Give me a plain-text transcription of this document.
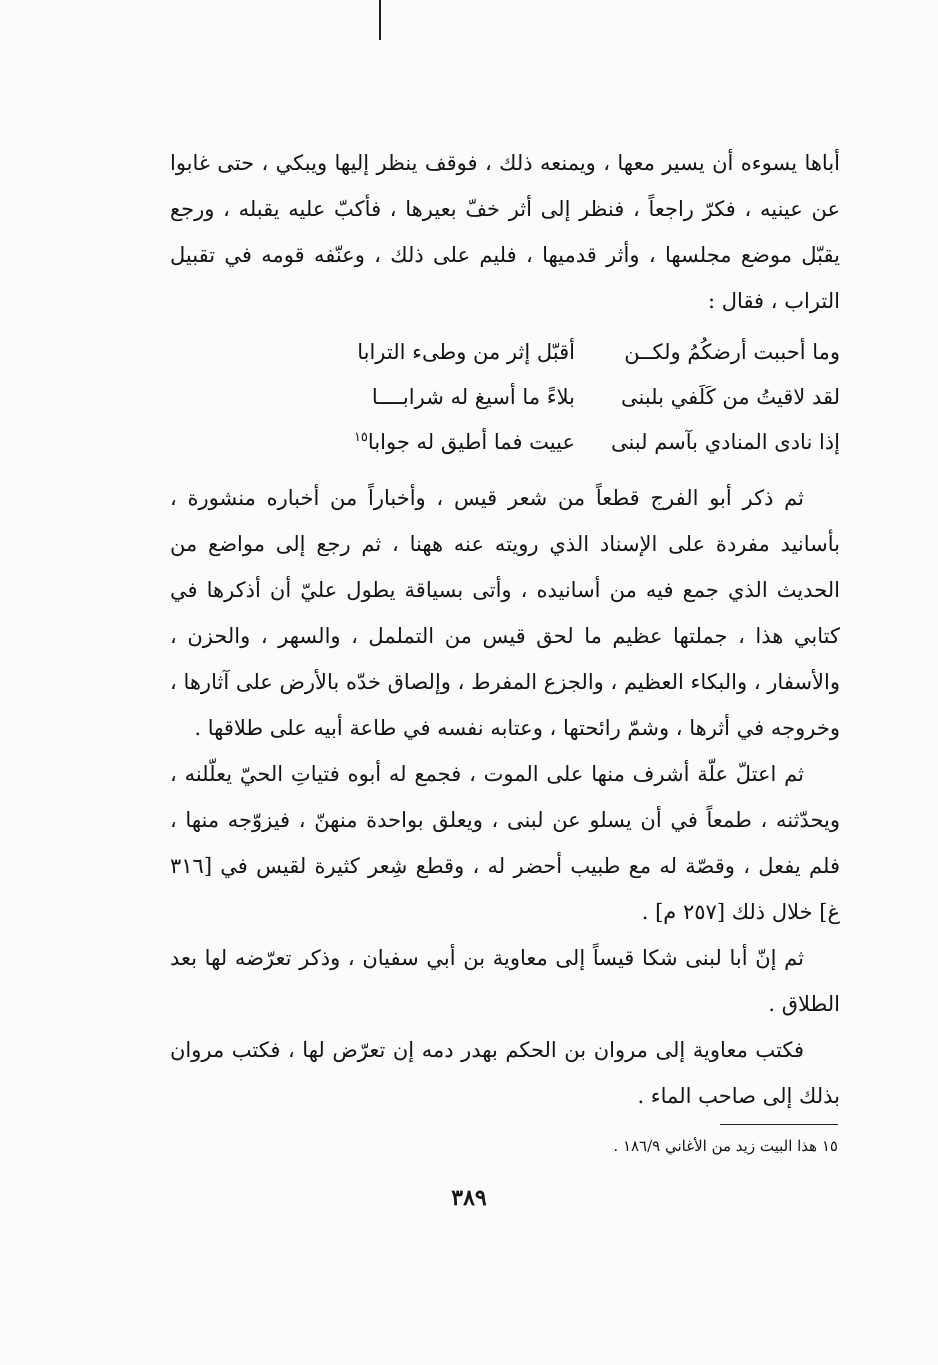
أباها يسوءه أن يسير معها ، ويمنعه ذلك ، فوقف ينظر إليها ويبكي ، حتى غابوا عن عينيه ، فكرّ راجعاً ، فنظر إلى أثر خفّ بعيرها ، فأكبّ عليه يقبله ، ورجع يقبّل موضع مجلسها ، وأثر قدميها ، فليم على ذلك ، وعنّفه قومه في تقبيل التراب ، فقال :

وما أحببت أرضكُمُ ولكــن
أقبّل إثر من وطىء الترابا
لقد لاقيتُ من كَلَفي بلبنى
بلاءً ما أسيغ له شرابــــا
إذا نادى المنادي بآسم لبنى
عييت فما أطيق له جوابا$^{١٥}$

ثم ذكر أبو الفرج قطعاً من شعر قيس ، وأخباراً من أخباره منشورة ، بأسانيد مفردة على الإسناد الذي رويته عنه ههنا ، ثم رجع إلى مواضع من الحديث الذي جمع فيه من أسانيده ، وأتى بسياقة يطول عليّ أن أذكرها في كتابي هذا ، جملتها عظيم ما لحق قيس من التململ ، والسهر ، والحزن ، والأسفار ، والبكاء العظيم ، والجزع المفرط ، وإلصاق خدّه بالأرض على آثارها ، وخروجه في أثرها ، وشمّ رائحتها ، وعتابه نفسه في طاعة أبيه على طلاقها .

ثم اعتلّ علّة أشرف منها على الموت ، فجمع له أبوه فتياتِ الحيّ يعلّلنه ، ويحدّثنه ، طمعاً في أن يسلو عن لبنى ، ويعلق بواحدة منهنّ ، فيزوّجه منها ، فلم يفعل ، وقصّة له مع طبيب أحضر له ، وقطع شِعر كثيرة لقيس في [٣١٦ غ] خلال ذلك [٢٥٧ م] .

ثم إنّ أبا لبنى شكا قيساً إلى معاوية بن أبي سفيان ، وذكر تعرّضه لها بعد الطلاق .

فكتب معاوية إلى مروان بن الحكم بهدر دمه إن تعرّض لها ، فكتب مروان بذلك إلى صاحب الماء .

١٥ هذا البيت زيد من الأغاني ١٨٦/٩ .
٣٨٩
